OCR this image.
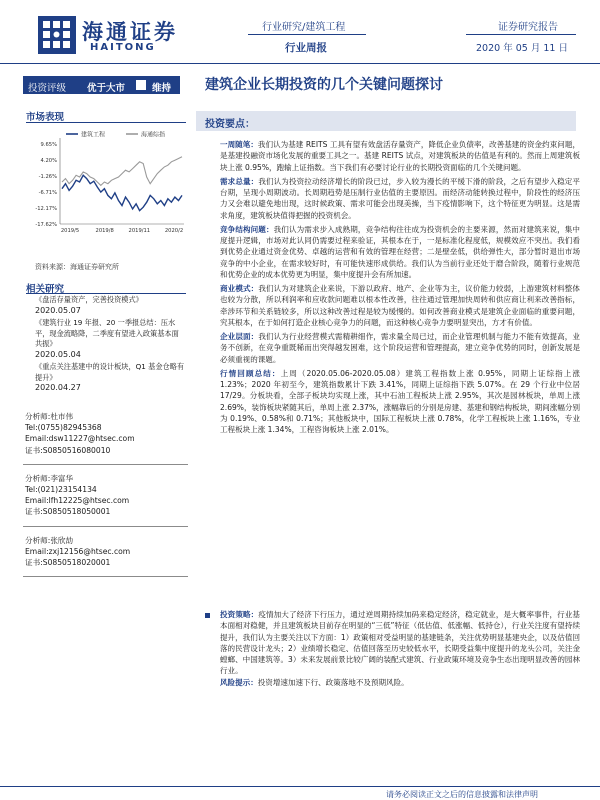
海通证券
HAITONG
行业研究/建筑工程
行业周报
证券研究报告
2020 年 05 月 11 日
投资评级 优于大市	维持 建筑企业长期投资的几个关键问题探讨
市场表现
建筑工程	海通综指
9.65%
4.20%
-1.26%
-6.71%
-12.17%
-17.62%
2019/5	2019/8	2019/11	2020/2
资料来源：海通证券研究所
相关研究
《盘活存量资产，完善投资模式》
2020.05.07
《建筑行业 19 年报、20 一季报总结：压水平，现金流略降，二季度有望进入政策基本面共振》
2020.05.04
《重点关注基建中的设计板块，Q1 基金仓略有提升》
2020.04.27
分析师:杜市伟
Tel:(0755)82945368
Email:dsw11227@htsec.com
证书:S0850516080010
分析师:李富华
Tel:(021)23154134
Email:lfh12225@htsec.com
证书:S0850518050001
分析师:张欣劼
Email:zxj12156@htsec.com
证书:S0850518020001
投资要点：

一周随笔：我们认为基建 REITS 工具有望有效盘活存量资产，降低企业负债率，改善基建的资金约束问题，是基建投融资市场化发展的重要工具之一。基建 REITS 试点，对建筑板块的估值是有利的。然而上周建筑板块上涨 0.95%，跑输上证指数。当下我们有必要讨论行业的长期投资面临的几个关键问题。

需求总量：我们认为投资拉动经济增长的阶段已过，步入较为漫长的平缓下滑的阶段，之后有望步入稳定平台期，呈现小周期波动。长周期趋势是压制行业估值的主要原因。而经济动能转换过程中，阶段性的经济压力又会难以避免地出现，这时候政策、需求可能会出现美操，当下疫情影响下，这个特征更为明显。这是需求角度，建筑板块值得把握的投资机会。

竞争结构问题：我们认为需求步入成熟期，竞争结构往往成为投资机会的主要来源，然而对建筑来说，集中度提升逻辑，市场对此认同仍需要过程来验证，其根本在于，一是标准化程度低，规模效应不突出。我们看到优势企业通过资金优势、卓越的运营和有效的管理在经营；二是壁垒低，供给弹性大，部分暂时退出市场竞争的中小企业，在需求较好时，有可能快速形成供给。我们认为当前行业还处于磨合阶段，随着行业规范和优势企业的成本优势更为明显，集中度提升会有所加速。

商业模式：我们认为对建筑企业来说，下游以政府、地产、企业等为主，议价能力较弱，上游建筑材料整体也较为分散，所以利润率和应收款问题难以根本性改善，往往通过管理加快周转和供应商让利来改善指标，牵涉环节和关系链较多，所以这种改善过程是较为缓慢的。如何改善商业模式是建筑企业面临的重要问题，究其根本，在于如何打造企业核心竞争力的问题，而这种核心竞争力要明显突出，方才有价值。

企业层面：我们认为行业经营模式需精耕细作，需求量全局已过，而企业管理机制与能力不能有效提高，业务不创新，在竞争重既稀而出突得越发困难，这个阶段运营和管理提高，建立竞争优势的同时，创新发展是必须重视的课题。

行情回顾总结：上周（2020.05.06-2020.05.08）建筑工程指数上涨 0.95%，同期上证综指上涨 1.23%；2020 年初至今，建筑指数累计下跌 3.41%，同期上证综指下跌 5.07%。在 29 个行业中位居 17/29。分板块看，全部子板块均实现上涨，其中石油工程板块上涨 2.95%，其次是园林板块，单周上涨 2.69%，装饰板块紧随其后，单周上涨 2.37%，涨幅靠后的分别是房建、基建和钢结构板块，期间涨幅分别为 0.19%、0.58%和 0.71%；其他板块中，国际工程板块上涨 0.78%，化学工程板块上涨 1.16%，专业工程板块上涨 1.34%，工程咨询板块上涨 2.01%。

投资策略：疫情加大了经济下行压力，通过逆周期持续加码来稳定经济，稳定就业，是大概率事件，行业基本面相对稳健，并且建筑板块目前存在明显的“三低”特征（低估值、低涨幅、低持仓），行业关注度有望持续提升，我们认为主要关注以下方面：1）政策相对受益明显的基建链条，关注优势明显基建央企，以及估值回落的民营设计龙头；2）业绩增长稳定、估值回落至历史较低水平，长期受益集中度提升的龙头公司，关注金螳螂、中国建筑等。3）未来发展前景比较广阔的装配式建筑、行业政策环境及竞争生态出现明显改善的园林行业。

风险提示：投资增速加速下行、政策落地不及预期风险。

请务必阅读正文之后的信息披露和法律声明
